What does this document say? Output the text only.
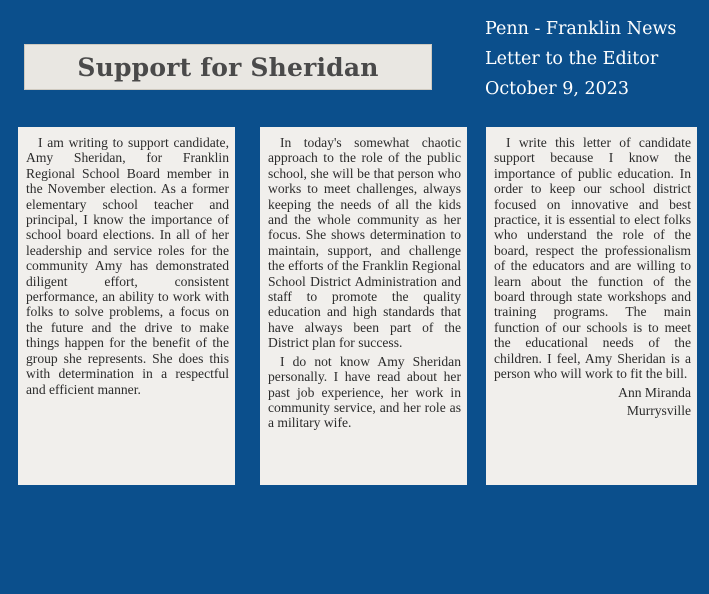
Support for Sheridan
Penn - Franklin News
Letter to the Editor
October 9, 2023

I am writing to support candidate, Amy Sheridan, for Franklin Regional School Board member in the November election. As a former elementary school teacher and principal, I know the importance of school board elections. In all of her leadership and service roles for the community Amy has demonstrated diligent effort, consistent performance, an ability to work with folks to solve problems, a focus on the future and the drive to make things happen for the benefit of the group she represents. She does this with determination in a respectful and efficient manner.

In today's somewhat chaotic approach to the role of the public school, she will be that person who works to meet challenges, always keeping the needs of all the kids and the whole community as her focus. She shows determination to maintain, support, and challenge the efforts of the Franklin Regional School District Administration and staff to promote the quality education and high standards that have always been part of the District plan for success.

I do not know Amy Sheridan personally. I have read about her past job experience, her work in community service, and her role as a military wife.

I write this letter of candidate support because I know the importance of public education. In order to keep our school district focused on innovative and best practice, it is essential to elect folks who understand the role of the board, respect the professionalism of the educators and are willing to learn about the function of the board through state workshops and training programs. The main function of our schools is to meet the educational needs of the children. I feel, Amy Sheridan is a person who will work to fit the bill.

Ann Miranda

Murrysville
